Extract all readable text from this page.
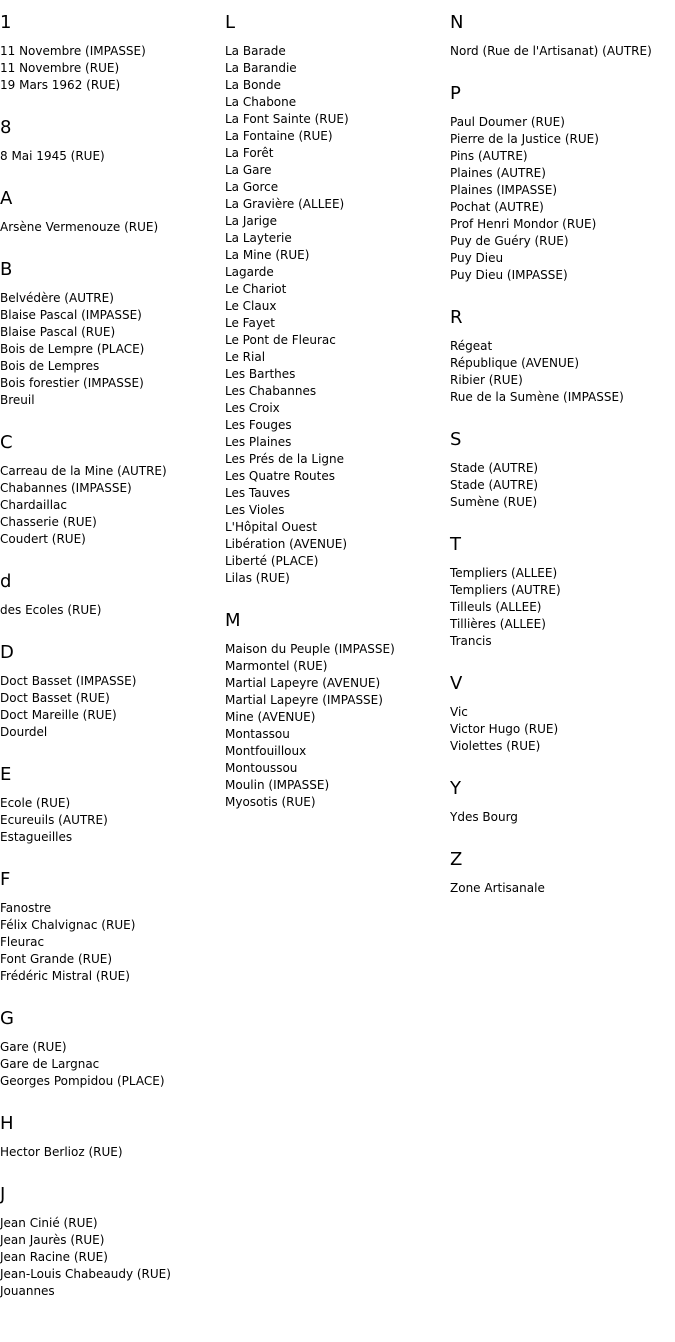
1
11 Novembre (IMPASSE)
11 Novembre (RUE)
19 Mars 1962 (RUE)
8
8 Mai 1945 (RUE)
A
Arsène Vermenouze (RUE)
B
Belvédère (AUTRE)
Blaise Pascal (IMPASSE)
Blaise Pascal (RUE)
Bois de Lempre (PLACE)
Bois de Lempres
Bois forestier (IMPASSE)
Breuil
C
Carreau de la Mine (AUTRE)
Chabannes (IMPASSE)
Chardaillac
Chasserie (RUE)
Coudert (RUE)
d
des Ecoles (RUE)
D
Doct Basset (IMPASSE)
Doct Basset (RUE)
Doct Mareille (RUE)
Dourdel
E
Ecole (RUE)
Ecureuils (AUTRE)
Estagueilles
F
Fanostre
Félix Chalvignac (RUE)
Fleurac
Font Grande (RUE)
Frédéric Mistral (RUE)
G
Gare (RUE)
Gare de Largnac
Georges Pompidou (PLACE)
H
Hector Berlioz (RUE)
J
Jean Cinié (RUE)
Jean Jaurès (RUE)
Jean Racine (RUE)
Jean-Louis Chabeaudy (RUE)
Jouannes
L
La Barade
La Barandie
La Bonde
La Chabone
La Font Sainte (RUE)
La Fontaine (RUE)
La Forêt
La Gare
La Gorce
La Gravière (ALLEE)
La Jarige
La Layterie
La Mine (RUE)
Lagarde
Le Chariot
Le Claux
Le Fayet
Le Pont de Fleurac
Le Rial
Les Barthes
Les Chabannes
Les Croix
Les Fouges
Les Plaines
Les Prés de la Ligne
Les Quatre Routes
Les Tauves
Les Violes
L'Hôpital Ouest
Libération (AVENUE)
Liberté (PLACE)
Lilas (RUE)
M
Maison du Peuple (IMPASSE)
Marmontel (RUE)
Martial Lapeyre (AVENUE)
Martial Lapeyre (IMPASSE)
Mine (AVENUE)
Montassou
Montfouilloux
Montoussou
Moulin (IMPASSE)
Myosotis (RUE)
N
Nord (Rue de l'Artisanat) (AUTRE)
P
Paul Doumer (RUE)
Pierre de la Justice (RUE)
Pins (AUTRE)
Plaines (AUTRE)
Plaines (IMPASSE)
Pochat (AUTRE)
Prof Henri Mondor (RUE)
Puy de Guéry (RUE)
Puy Dieu
Puy Dieu (IMPASSE)
R
Régeat
République (AVENUE)
Ribier (RUE)
Rue de la Sumène (IMPASSE)
S
Stade (AUTRE)
Stade (AUTRE)
Sumène (RUE)
T
Templiers (ALLEE)
Templiers (AUTRE)
Tilleuls (ALLEE)
Tillières (ALLEE)
Trancis
V
Vic
Victor Hugo (RUE)
Violettes (RUE)
Y
Ydes Bourg
Z
Zone Artisanale
